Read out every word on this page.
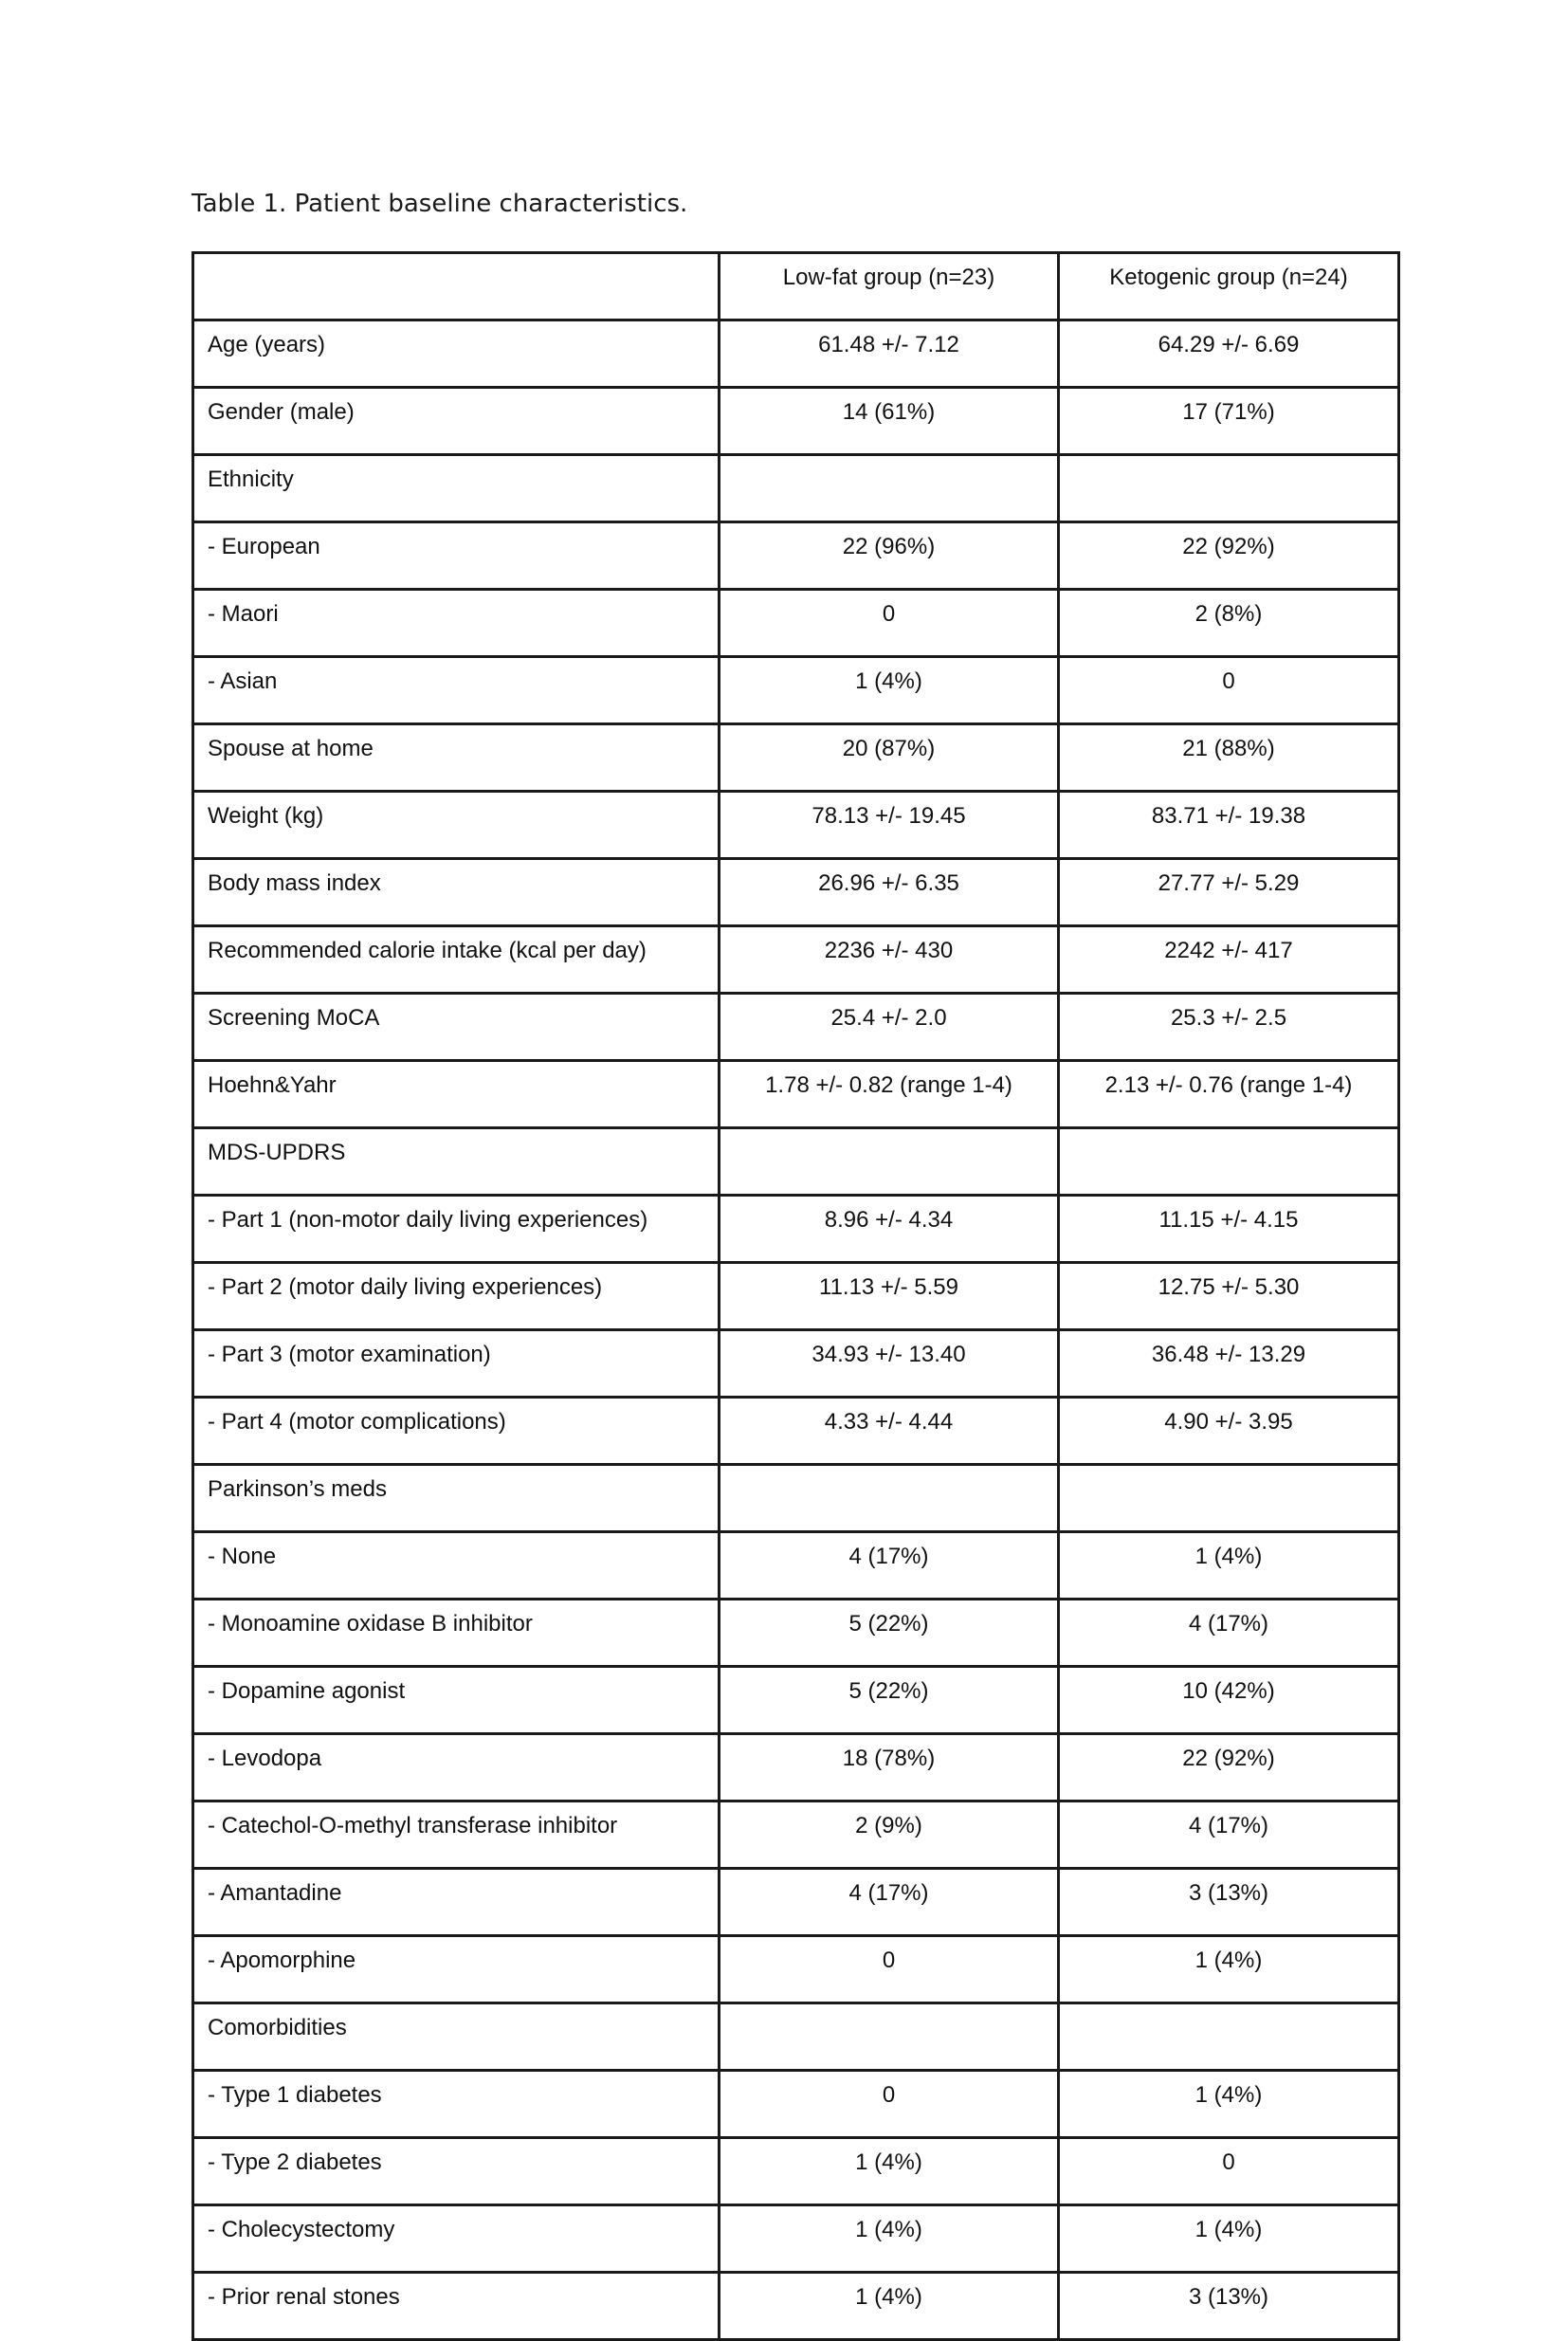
Table 1. Patient baseline characteristics.
	Low-fat group (n=23)	Ketogenic group (n=24)
Age (years)	61.48 +/- 7.12	64.29 +/- 6.69
Gender (male)	14 (61%)	17 (71%)
Ethnicity		
- European	22 (96%)	22 (92%)
- Maori	0	2 (8%)
- Asian	1 (4%)	0
Spouse at home	20 (87%)	21 (88%)
Weight (kg)	78.13 +/- 19.45	83.71 +/- 19.38
Body mass index	26.96 +/- 6.35	27.77 +/- 5.29
Recommended calorie intake (kcal per day)	2236 +/- 430	2242 +/- 417
Screening MoCA	25.4 +/- 2.0	25.3 +/- 2.5
Hoehn&Yahr	1.78 +/- 0.82 (range 1-4)	2.13 +/- 0.76 (range 1-4)
MDS-UPDRS		
- Part 1 (non-motor daily living experiences)	8.96 +/- 4.34	11.15 +/- 4.15
- Part 2 (motor daily living experiences)	11.13 +/- 5.59	12.75 +/- 5.30
- Part 3 (motor examination)	34.93 +/- 13.40	36.48 +/- 13.29
- Part 4 (motor complications)	4.33 +/- 4.44	4.90 +/- 3.95
Parkinson’s meds		
- None	4 (17%)	1 (4%)
- Monoamine oxidase B inhibitor	5 (22%)	4 (17%)
- Dopamine agonist	5 (22%)	10 (42%)
- Levodopa	18 (78%)	22 (92%)
- Catechol-O-methyl transferase inhibitor	2 (9%)	4 (17%)
- Amantadine	4 (17%)	3 (13%)
- Apomorphine	0	1 (4%)
Comorbidities		
- Type 1 diabetes	0	1 (4%)
- Type 2 diabetes	1 (4%)	0
- Cholecystectomy	1 (4%)	1 (4%)
- Prior renal stones	1 (4%)	3 (13%)
